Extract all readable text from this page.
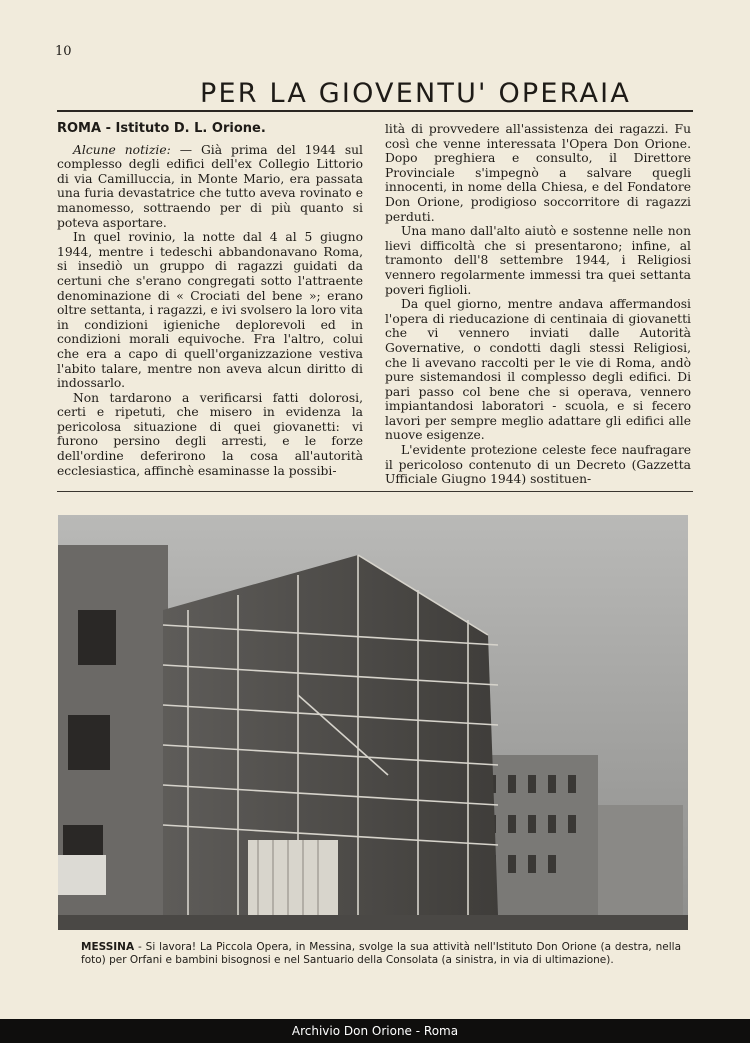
10
PER LA GIOVENTU' OPERAIA

ROMA - Istituto D. L. Orione.

Alcune notizie: — Già prima del 1944 sul complesso degli edifici dell'ex Collegio Littorio di via Camilluccia, in Monte Mario, era passata una furia devastatrice che tutto aveva rovinato e manomesso, sottraendo per di più quanto si poteva asportare.

In quel rovinio, la notte dal 4 al 5 giugno 1944, mentre i tedeschi abbandonavano Roma, si insediò un gruppo di ragazzi guidati da certuni che s'erano congregati sotto l'attraente denominazione di « Crociati del bene »; erano oltre settanta, i ragazzi, e ivi svolsero la loro vita in condizioni igieniche deplorevoli ed in condizioni morali equivoche. Fra l'altro, colui che era a capo di quell'organizzazione vestiva l'abito talare, mentre non aveva alcun diritto di indossarlo.

Non tardarono a verificarsi fatti dolorosi, certi e ripetuti, che misero in evidenza la pericolosa situazione di quei giovanetti: vi furono persino degli arresti, e le forze dell'ordine deferirono la cosa all'autorità ecclesiastica, affinchè esaminasse la possibi-

lità di provvedere all'assistenza dei ragazzi. Fu così che venne interessata l'Opera Don Orione. Dopo preghiera e consulto, il Direttore Provinciale s'impegnò a salvare quegli innocenti, in nome della Chiesa, e del Fondatore Don Orione, prodigioso soccorritore di ragazzi perduti.

Una mano dall'alto aiutò e sostenne nelle non lievi difficoltà che si presentarono; infine, al tramonto dell'8 settembre 1944, i Religiosi vennero regolarmente immessi tra quei settanta poveri figlioli.

Da quel giorno, mentre andava affermandosi l'opera di rieducazione di centinaia di giovanetti che vi vennero inviati dalle Autorità Governative, o condotti dagli stessi Religiosi, che li avevano raccolti per le vie di Roma, andò pure sistemandosi il complesso degli edifici. Di pari passo col bene che si operava, vennero impiantandosi laboratori - scuola, e si fecero lavori per sempre meglio adattare gli edifici alle nuove esigenze.

L'evidente protezione celeste fece naufragare il pericoloso contenuto di un Decreto (Gazzetta Ufficiale Giugno 1944) sostituen-

MESSINA - Si lavora! La Piccola Opera, in Messina, svolge la sua attività nell'Istituto Don Orione (a destra, nella foto) per Orfani e bambini bisognosi e nel Santuario della Consolata (a sinistra, in via di ultimazione).
Archivio Don Orione - Roma
